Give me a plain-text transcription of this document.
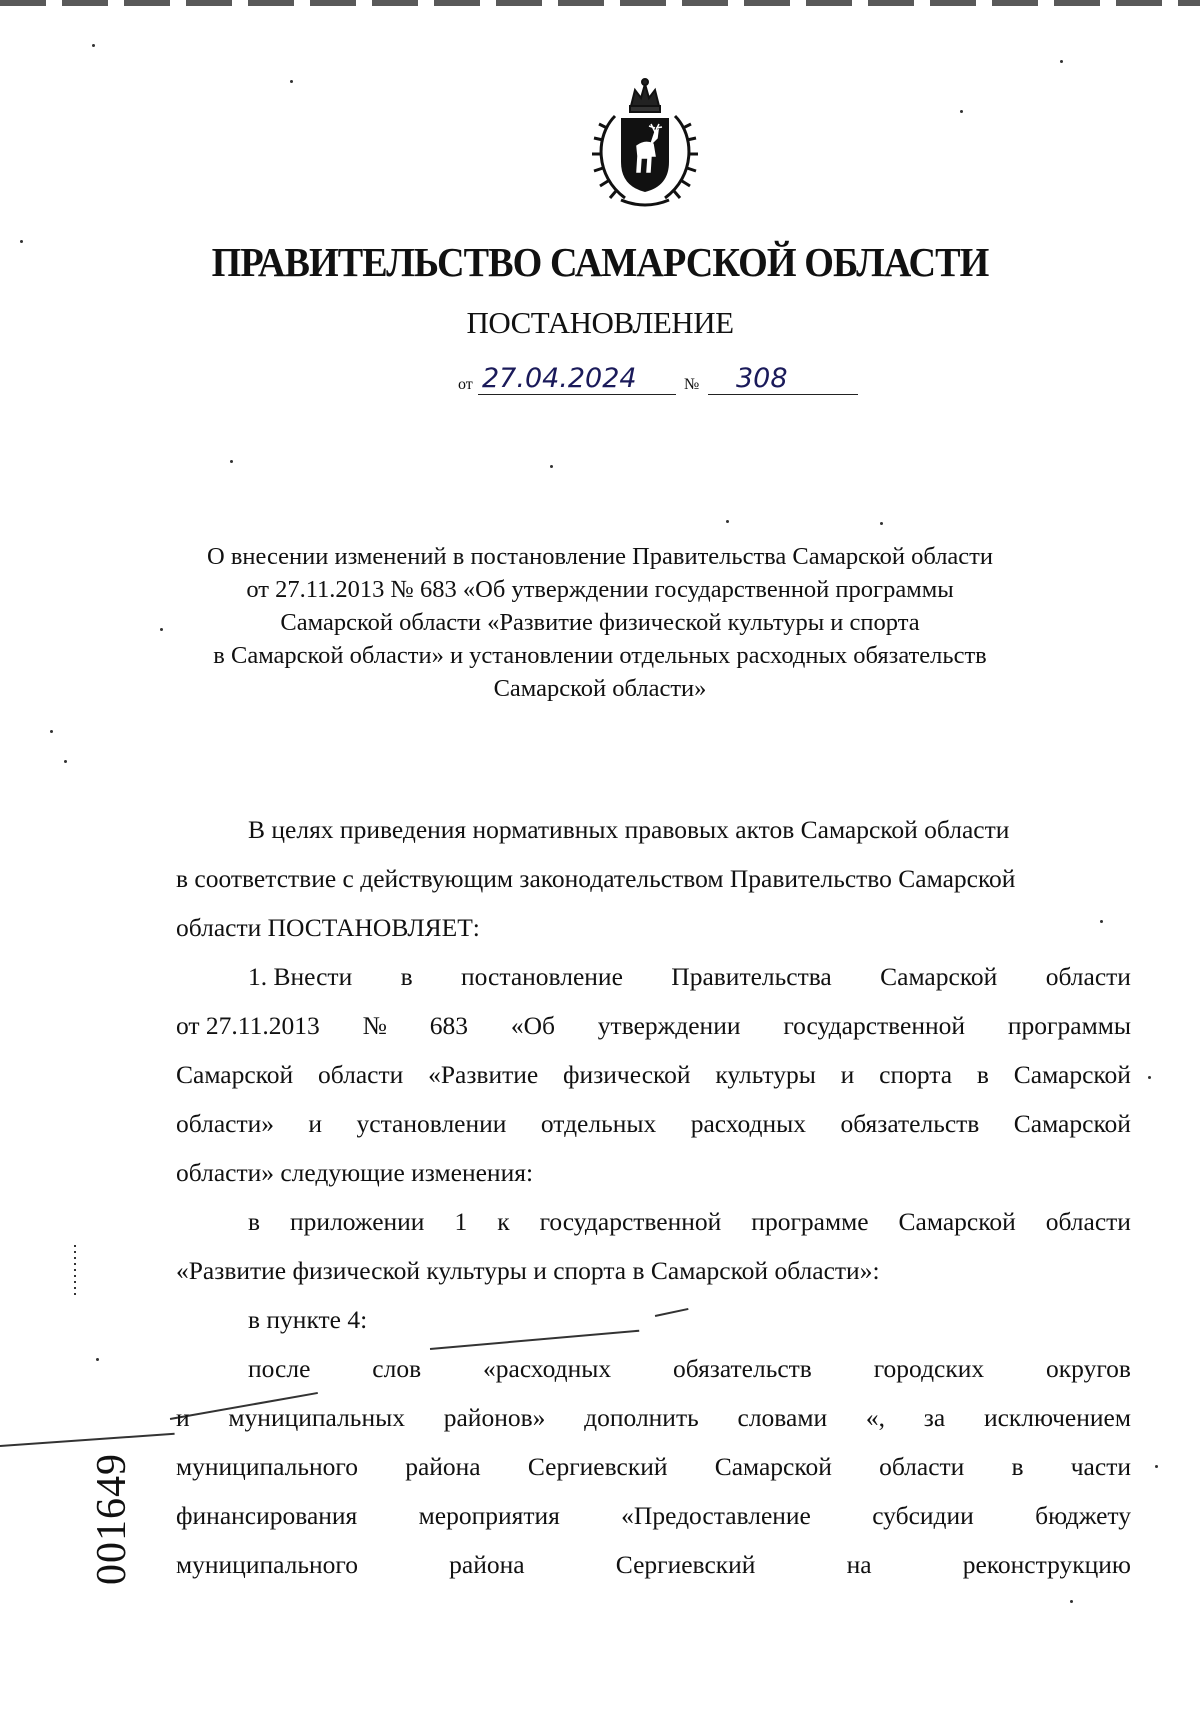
ПРАВИТЕЛЬСТВО САМАРСКОЙ ОБЛАСТИ
ПОСТАНОВЛЕНИЕ
от 27.04.2024	№ 308
О внесении изменений в постановление Правительства Самарской области
от 27.11.2013 № 683 «Об утверждении государственной программы
Самарской области «Развитие физической культуры и спорта
в Самарской области» и установлении отдельных расходных обязательств
Самарской области»
В целях приведения нормативных правовых актов Самарской области
в соответствие с действующим законодательством Правительство Самарской
области ПОСТАНОВЛЯЕТ:
1. Внести в постановление Правительства Самарской области
от 27.11.2013 № 683 «Об утверждении государственной программы
Самарской области «Развитие физической культуры и спорта в Самарской
области» и установлении отдельных расходных обязательств Самарской
области» следующие изменения:
в приложении 1 к государственной программе Самарской области
«Развитие физической культуры и спорта в Самарской области»:
в пункте 4:
после слов «расходных обязательств городских округов
и муниципальных районов» дополнить словами «, за исключением
муниципального района Сергиевский Самарской области в части
финансирования мероприятия «Предоставление субсидии бюджету
муниципального	района	Сергиевский	на	реконструкцию
001649
